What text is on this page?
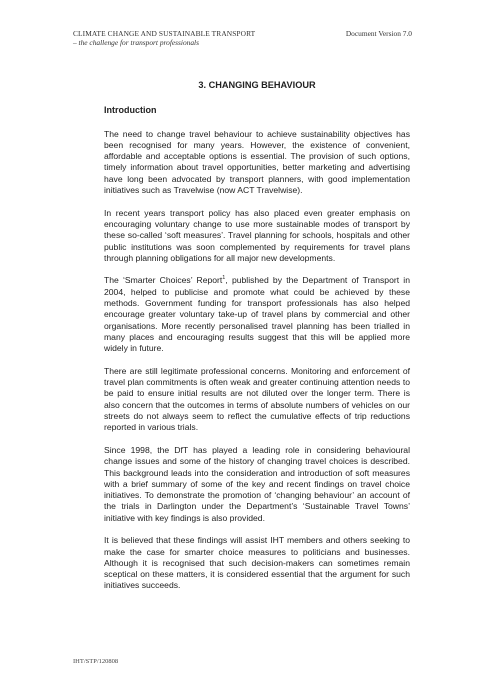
CLIMATE CHANGE AND SUSTAINABLE TRANSPORT	Document Version 7.0
– the challenge for transport professionals
3. CHANGING BEHAVIOUR
Introduction

The need to change travel behaviour to achieve sustainability objectives has been recognised for many years. However, the existence of convenient, affordable and acceptable options is essential. The provision of such options, timely information about travel opportunities, better marketing and advertising have long been advocated by transport planners, with good implementation initiatives such as Travelwise (now ACT Travelwise).

In recent years transport policy has also placed even greater emphasis on encouraging voluntary change to use more sustainable modes of transport by these so-called ‘soft measures’. Travel planning for schools, hospitals and other public institutions was soon complemented by requirements for travel plans through planning obligations for all major new developments.

The ‘Smarter Choices’ Report$^1$, published by the Department of Transport in 2004, helped to publicise and promote what could be achieved by these methods. Government funding for transport professionals has also helped encourage greater voluntary take-up of travel plans by commercial and other organisations. More recently personalised travel planning has been trialled in many places and encouraging results suggest that this will be applied more widely in future.

There are still legitimate professional concerns. Monitoring and enforcement of travel plan commitments is often weak and greater continuing attention needs to be paid to ensure initial results are not diluted over the longer term. There is also concern that the outcomes in terms of absolute numbers of vehicles on our streets do not always seem to reflect the cumulative effects of trip reductions reported in various trials.

Since 1998, the DfT has played a leading role in considering behavioural change issues and some of the history of changing travel choices is described. This background leads into the consideration and introduction of soft measures with a brief summary of some of the key and recent findings on travel choice initiatives. To demonstrate the promotion of ‘changing behaviour’ an account of the trials in Darlington under the Department’s ‘Sustainable Travel Towns’ initiative with key findings is also provided.

It is believed that these findings will assist IHT members and others seeking to make the case for smarter choice measures to politicians and businesses. Although it is recognised that such decision-makers can sometimes remain sceptical on these matters, it is considered essential that the argument for such initiatives succeeds.

IHT/STP/120808
